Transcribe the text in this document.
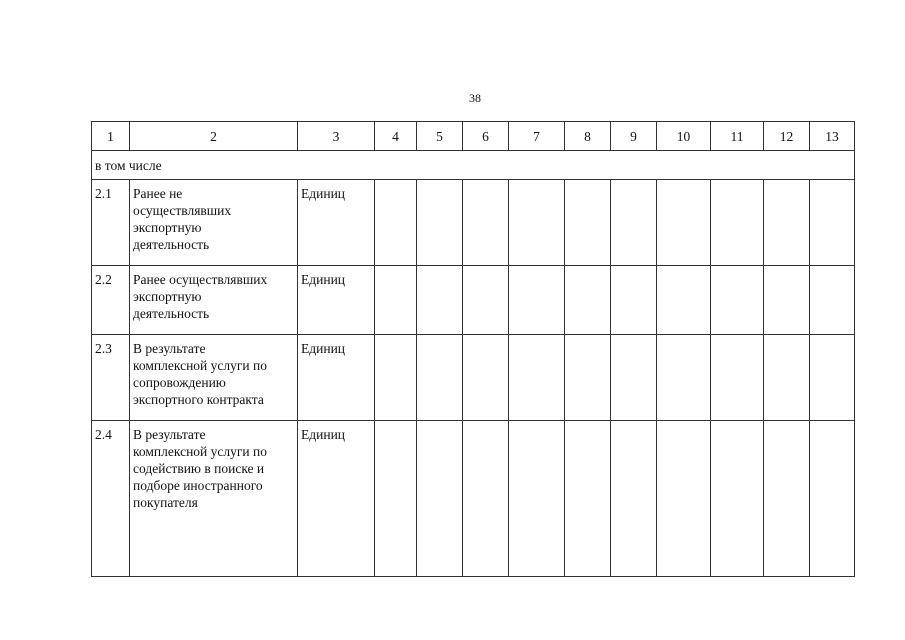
38
1	2	3	4	5	6	7	8	9	10	11	12	13
в том числе												
2.1	Ранее не
осуществлявших
экспортную
деятельность	Единиц										
2.2	Ранее осуществлявших
экспортную
деятельность	Единиц										
2.3	В результате
комплексной услуги по
сопровождению
экспортного контракта	Единиц										
2.4	В результате
комплексной услуги по
содействию в поиске и
подборе иностранного
покупателя	Единиц										
